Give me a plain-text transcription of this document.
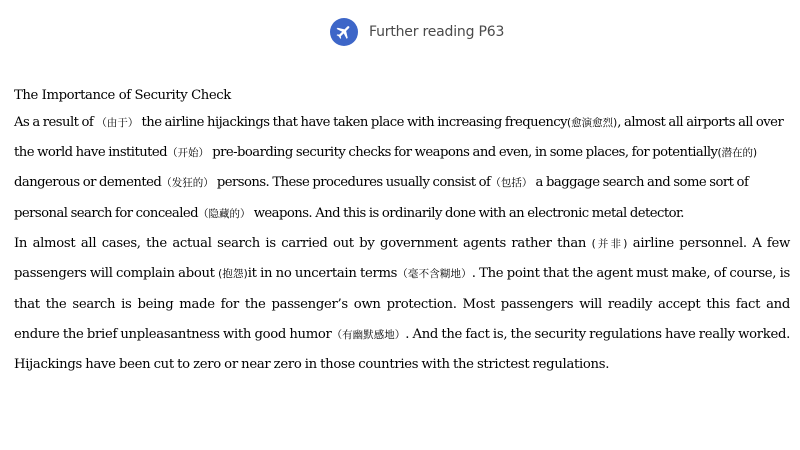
Further reading P63

The Importance of Security Check

As a result of （由于） the airline hijackings that have taken place with increasing frequency(愈演愈烈), almost all airports all over the world have instituted（开始） pre-boarding security checks for weapons and even, in some places, for potentially(潜在的) dangerous or demented（发狂的） persons. These procedures usually consist of（包括） a baggage search and some sort of personal search for concealed（隐藏的） weapons. And this is ordinarily done with an electronic metal detector.

In almost all cases, the actual search is carried out by government agents rather than (并非) airline personnel. A few passengers will complain about (抱怨)it in no uncertain terms（毫不含糊地）. The point that the agent must make, of course, is that the search is being made for the passenger’s own protection. Most passengers will readily accept this fact and endure the brief unpleasantness with good humor（有幽默感地）. And the fact is, the security regulations have really worked. Hijackings have been cut to zero or near zero in those countries with the strictest regulations.
